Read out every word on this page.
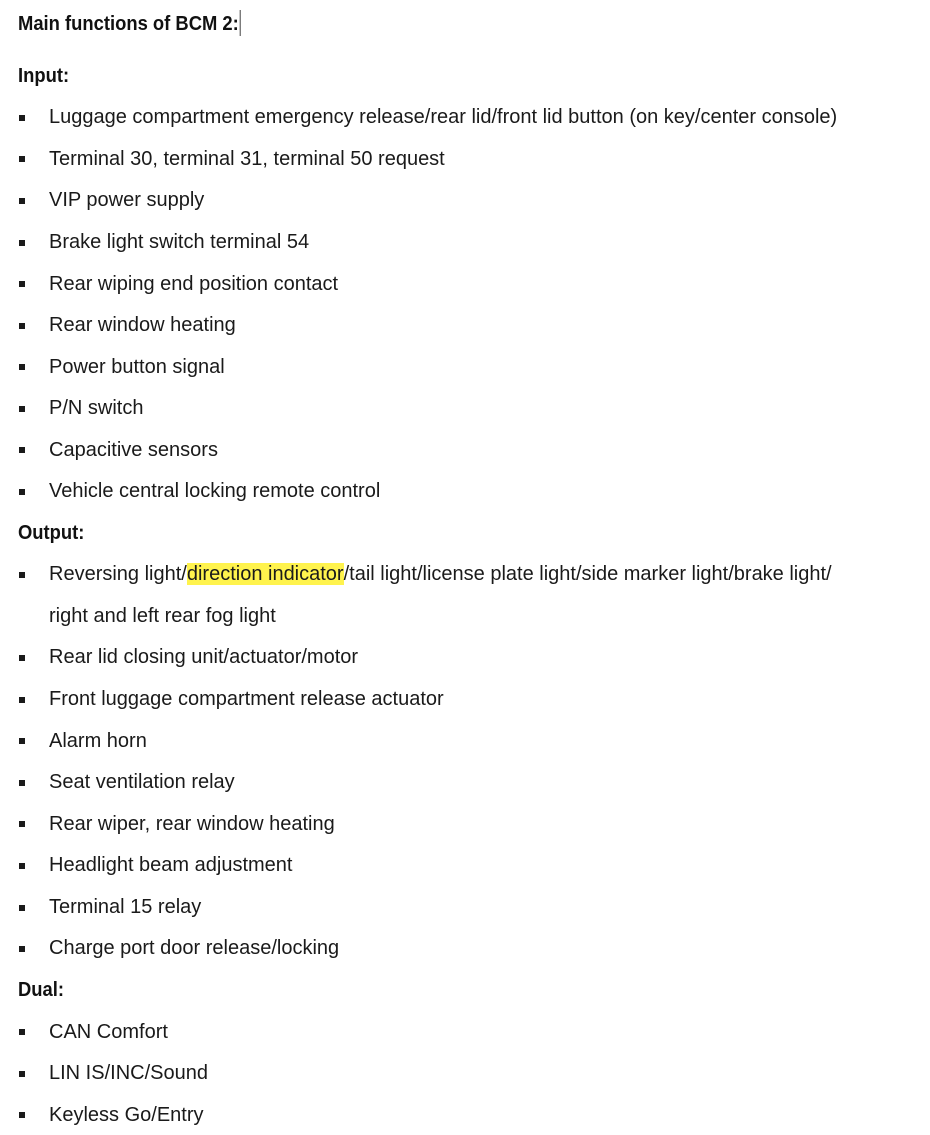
Main functions of BCM 2:
Input:
Luggage compartment emergency release/rear lid/front lid button (on key/center console)
Terminal 30, terminal 31, terminal 50 request
VIP power supply
Brake light switch terminal 54
Rear wiping end position contact
Rear window heating
Power button signal
P/N switch
Capacitive sensors
Vehicle central locking remote control
Output:
Reversing light/direction indicator/tail light/license plate light/side marker light/brake light/
right and left rear fog light
Rear lid closing unit/actuator/motor
Front luggage compartment release actuator
Alarm horn
Seat ventilation relay
Rear wiper, rear window heating
Headlight beam adjustment
Terminal 15 relay
Charge port door release/locking
Dual:
CAN Comfort
LIN IS/INC/Sound
Keyless Go/Entry
